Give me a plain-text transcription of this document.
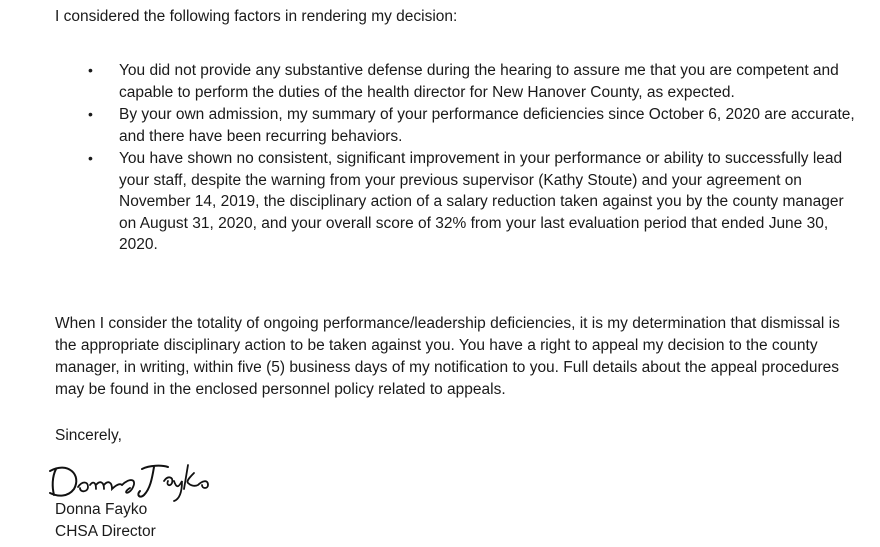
I considered the following factors in rendering my decision:
• You did not provide any substantive defense during the hearing to assure me that you are competent and capable to perform the duties of the health director for New Hanover County, as expected.
• By your own admission, my summary of your performance deficiencies since October 6, 2020 are accurate, and there have been recurring behaviors.
• You have shown no consistent, significant improvement in your performance or ability to successfully lead your staff, despite the warning from your previous supervisor (Kathy Stoute) and your agreement on November 14, 2019, the disciplinary action of a salary reduction taken against you by the county manager on August 31, 2020, and your overall score of 32% from your last evaluation period that ended June 30, 2020.
When I consider the totality of ongoing performance/leadership deficiencies, it is my determination that dismissal is the appropriate disciplinary action to be taken against you. You have a right to appeal my decision to the county manager, in writing, within five (5) business days of my notification to you. Full details about the appeal procedures may be found in the enclosed personnel policy related to appeals.
Sincerely,
Donna Fayko
CHSA Director
